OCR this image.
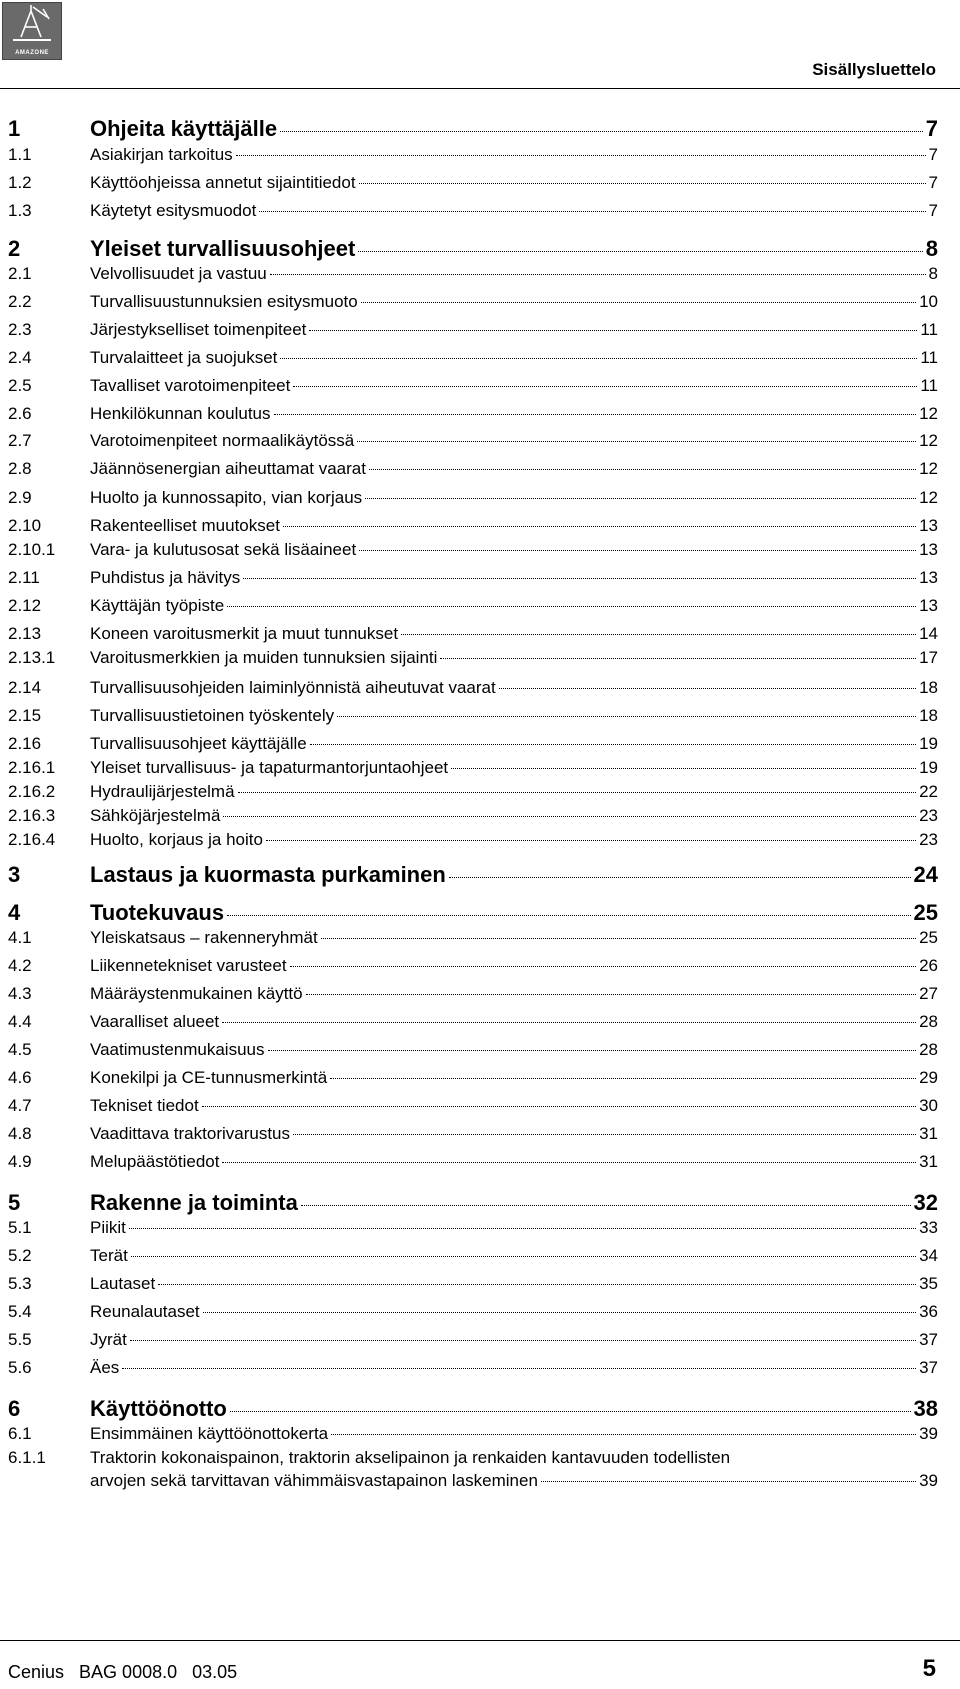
AMAZONE
Sisällysluettelo
1	Ohjeita käyttäjälle	7
1.1	Asiakirjan tarkoitus	7
1.2	Käyttöohjeissa annetut sijaintitiedot	7
1.3	Käytetyt esitysmuodot	7
2	Yleiset turvallisuusohjeet	8
2.1	Velvollisuudet ja vastuu	8
2.2	Turvallisuustunnuksien esitysmuoto	10
2.3	Järjestykselliset toimenpiteet	11
2.4	Turvalaitteet ja suojukset	11
2.5	Tavalliset varotoimenpiteet	11
2.6	Henkilökunnan koulutus	12
2.7	Varotoimenpiteet normaalikäytössä	12
2.8	Jäännösenergian aiheuttamat vaarat	12
2.9	Huolto ja kunnossapito, vian korjaus	12
2.10	Rakenteelliset muutokset	13
2.10.1	Vara- ja kulutusosat sekä lisäaineet	13
2.11	Puhdistus ja hävitys	13
2.12	Käyttäjän työpiste	13
2.13	Koneen varoitusmerkit ja muut tunnukset	14
2.13.1	Varoitusmerkkien ja muiden tunnuksien sijainti	17
2.14	Turvallisuusohjeiden laiminlyönnistä aiheutuvat vaarat	18
2.15	Turvallisuustietoinen työskentely	18
2.16	Turvallisuusohjeet käyttäjälle	19
2.16.1	Yleiset turvallisuus- ja tapaturmantorjuntaohjeet	19
2.16.2	Hydraulijärjestelmä	22
2.16.3	Sähköjärjestelmä	23
2.16.4	Huolto, korjaus ja hoito	23
3	Lastaus ja kuormasta purkaminen	24
4	Tuotekuvaus	25
4.1	Yleiskatsaus – rakenneryhmät	25
4.2	Liikennetekniset varusteet	26
4.3	Määräystenmukainen käyttö	27
4.4	Vaaralliset alueet	28
4.5	Vaatimustenmukaisuus	28
4.6	Konekilpi ja CE-tunnusmerkintä	29
4.7	Tekniset tiedot	30
4.8	Vaadittava traktorivarustus	31
4.9	Melupäästötiedot	31
5	Rakenne ja toiminta	32
5.1	Piikit	33
5.2	Terät	34
5.3	Lautaset	35
5.4	Reunalautaset	36
5.5	Jyrät	37
5.6	Äes	37
6	Käyttöönotto	38
6.1	Ensimmäinen käyttöönottokerta	39
6.1.1	Traktorin kokonaispainon, traktorin akselipainon ja renkaiden kantavuuden todellisten
arvojen sekä tarvittavan vähimmäisvastapainon laskeminen	39
Cenius BAG 0008.0 03.05	5
